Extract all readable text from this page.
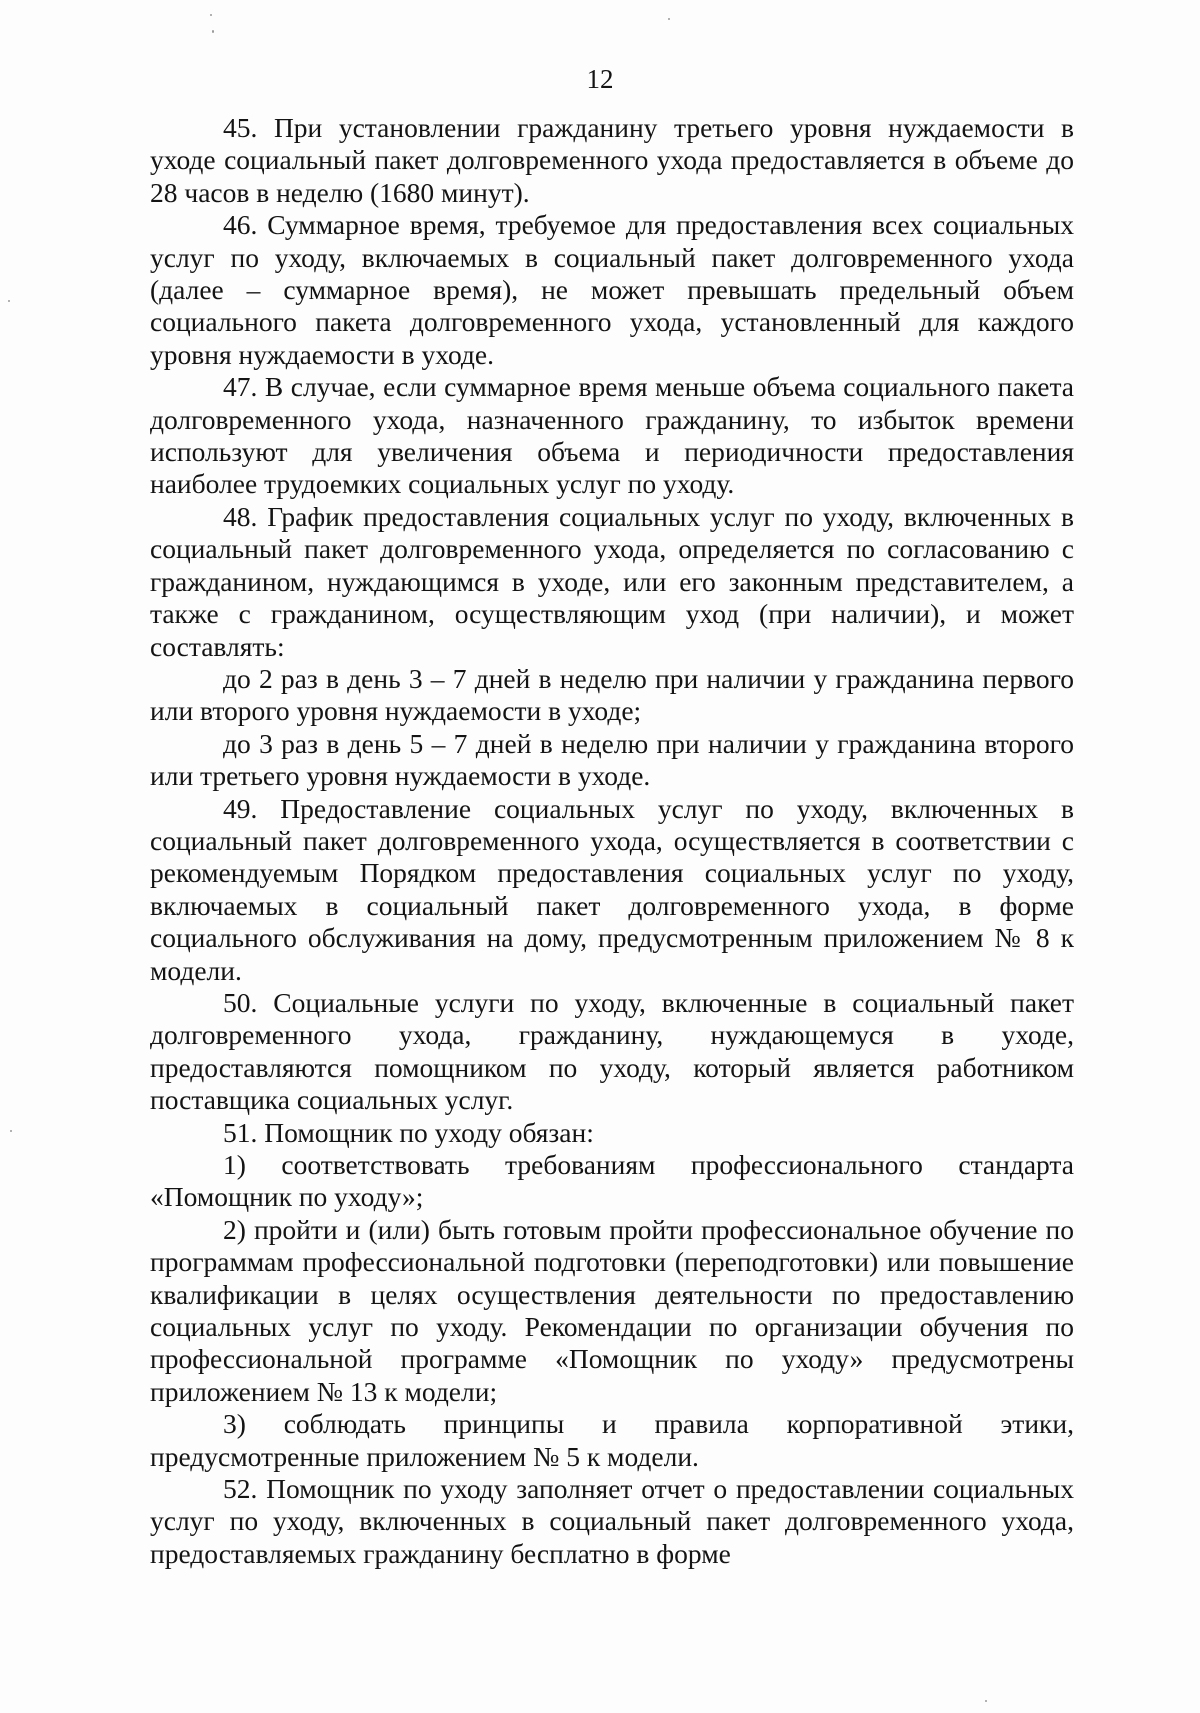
12

45. При установлении гражданину третьего уровня нуждаемости в уходе социальный пакет долговременного ухода предоставляется в объеме до 28 часов в неделю (1680 минут).

46. Суммарное время, требуемое для предоставления всех социальных услуг по уходу, включаемых в социальный пакет долговременного ухода (далее – суммарное время), не может превышать предельный объем социального пакета долговременного ухода, установленный для каждого уровня нуждаемости в уходе.

47. В случае, если суммарное время меньше объема социального пакета долговременного ухода, назначенного гражданину, то избыток времени используют для увеличения объема и периодичности предоставления наиболее трудоемких социальных услуг по уходу.

48. График предоставления социальных услуг по уходу, включенных в социальный пакет долговременного ухода, определяется по согласованию с гражданином, нуждающимся в уходе, или его законным представителем, а также с гражданином, осуществляющим уход (при наличии), и может составлять:

до 2 раз в день 3 – 7 дней в неделю при наличии у гражданина первого или второго уровня нуждаемости в уходе;

до 3 раз в день 5 – 7 дней в неделю при наличии у гражданина второго или третьего уровня нуждаемости в уходе.

49. Предоставление социальных услуг по уходу, включенных в социальный пакет долговременного ухода, осуществляется в соответствии с рекомендуемым Порядком предоставления социальных услуг по уходу, включаемых в социальный пакет долговременного ухода, в форме социального обслуживания на дому, предусмотренным приложением № 8 к модели.

50. Социальные услуги по уходу, включенные в социальный пакет долговременного ухода, гражданину, нуждающемуся в уходе, предоставляются помощником по уходу, который является работником поставщика социальных услуг.

51. Помощник по уходу обязан:

1) соответствовать требованиям профессионального стандарта «Помощник по уходу»;

2) пройти и (или) быть готовым пройти профессиональное обучение по программам профессиональной подготовки (переподготовки) или повышение квалификации в целях осуществления деятельности по предоставлению социальных услуг по уходу. Рекомендации по организации обучения по профессиональной программе «Помощник по уходу» предусмотрены приложением № 13 к модели;

3) соблюдать принципы и правила корпоративной этики, предусмотренные приложением № 5 к модели.

52. Помощник по уходу заполняет отчет о предоставлении социальных услуг по уходу, включенных в социальный пакет долговременного ухода, предоставляемых гражданину бесплатно в форме
